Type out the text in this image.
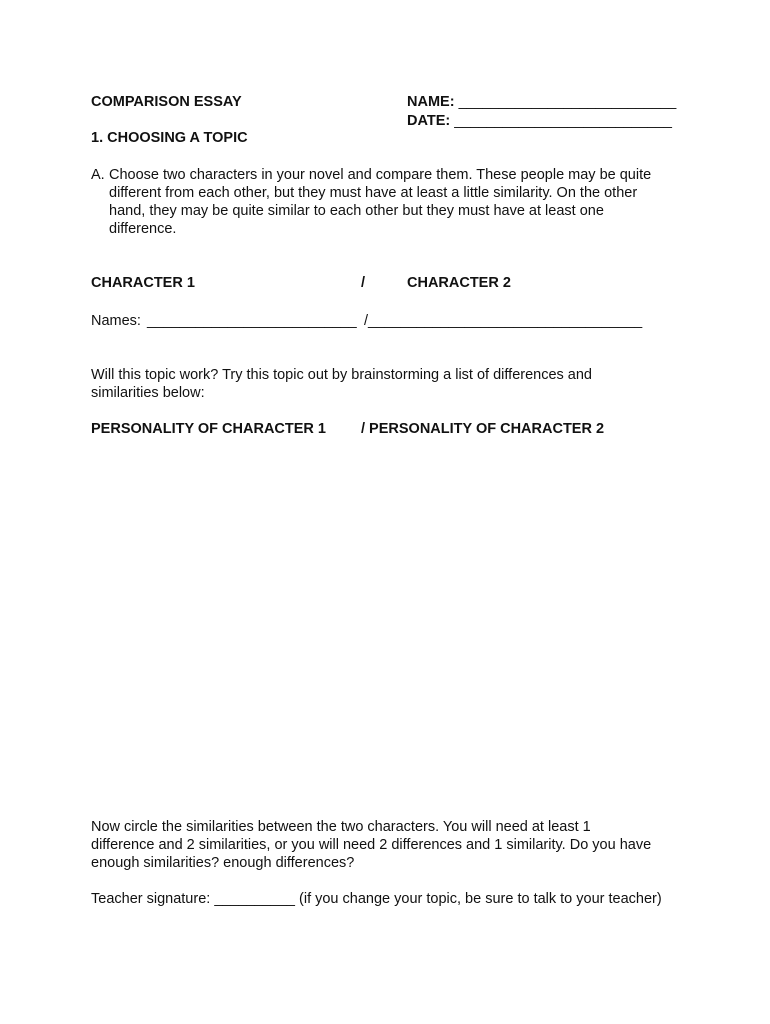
COMPARISON ESSAY	NAME: ___________________________
DATE: ___________________________
1. CHOOSING A TOPIC
A. Choose two characters in your novel and compare them. These people may be quite
different from each other, but they must have at least a little similarity. On the other
hand, they may be quite similar to each other but they must have at least one
difference.
CHARACTER 1	/	CHARACTER 2
Names: __________________________ /__________________________________
Will this topic work? Try this topic out by brainstorming a list of differences and
similarities below:
PERSONALITY OF CHARACTER 1 / PERSONALITY OF CHARACTER 2
Now circle the similarities between the two characters. You will need at least 1
difference and 2 similarities, or you will need 2 differences and 1 similarity. Do you have
enough similarities? enough differences?
Teacher signature: __________ (if you change your topic, be sure to talk to your teacher)
